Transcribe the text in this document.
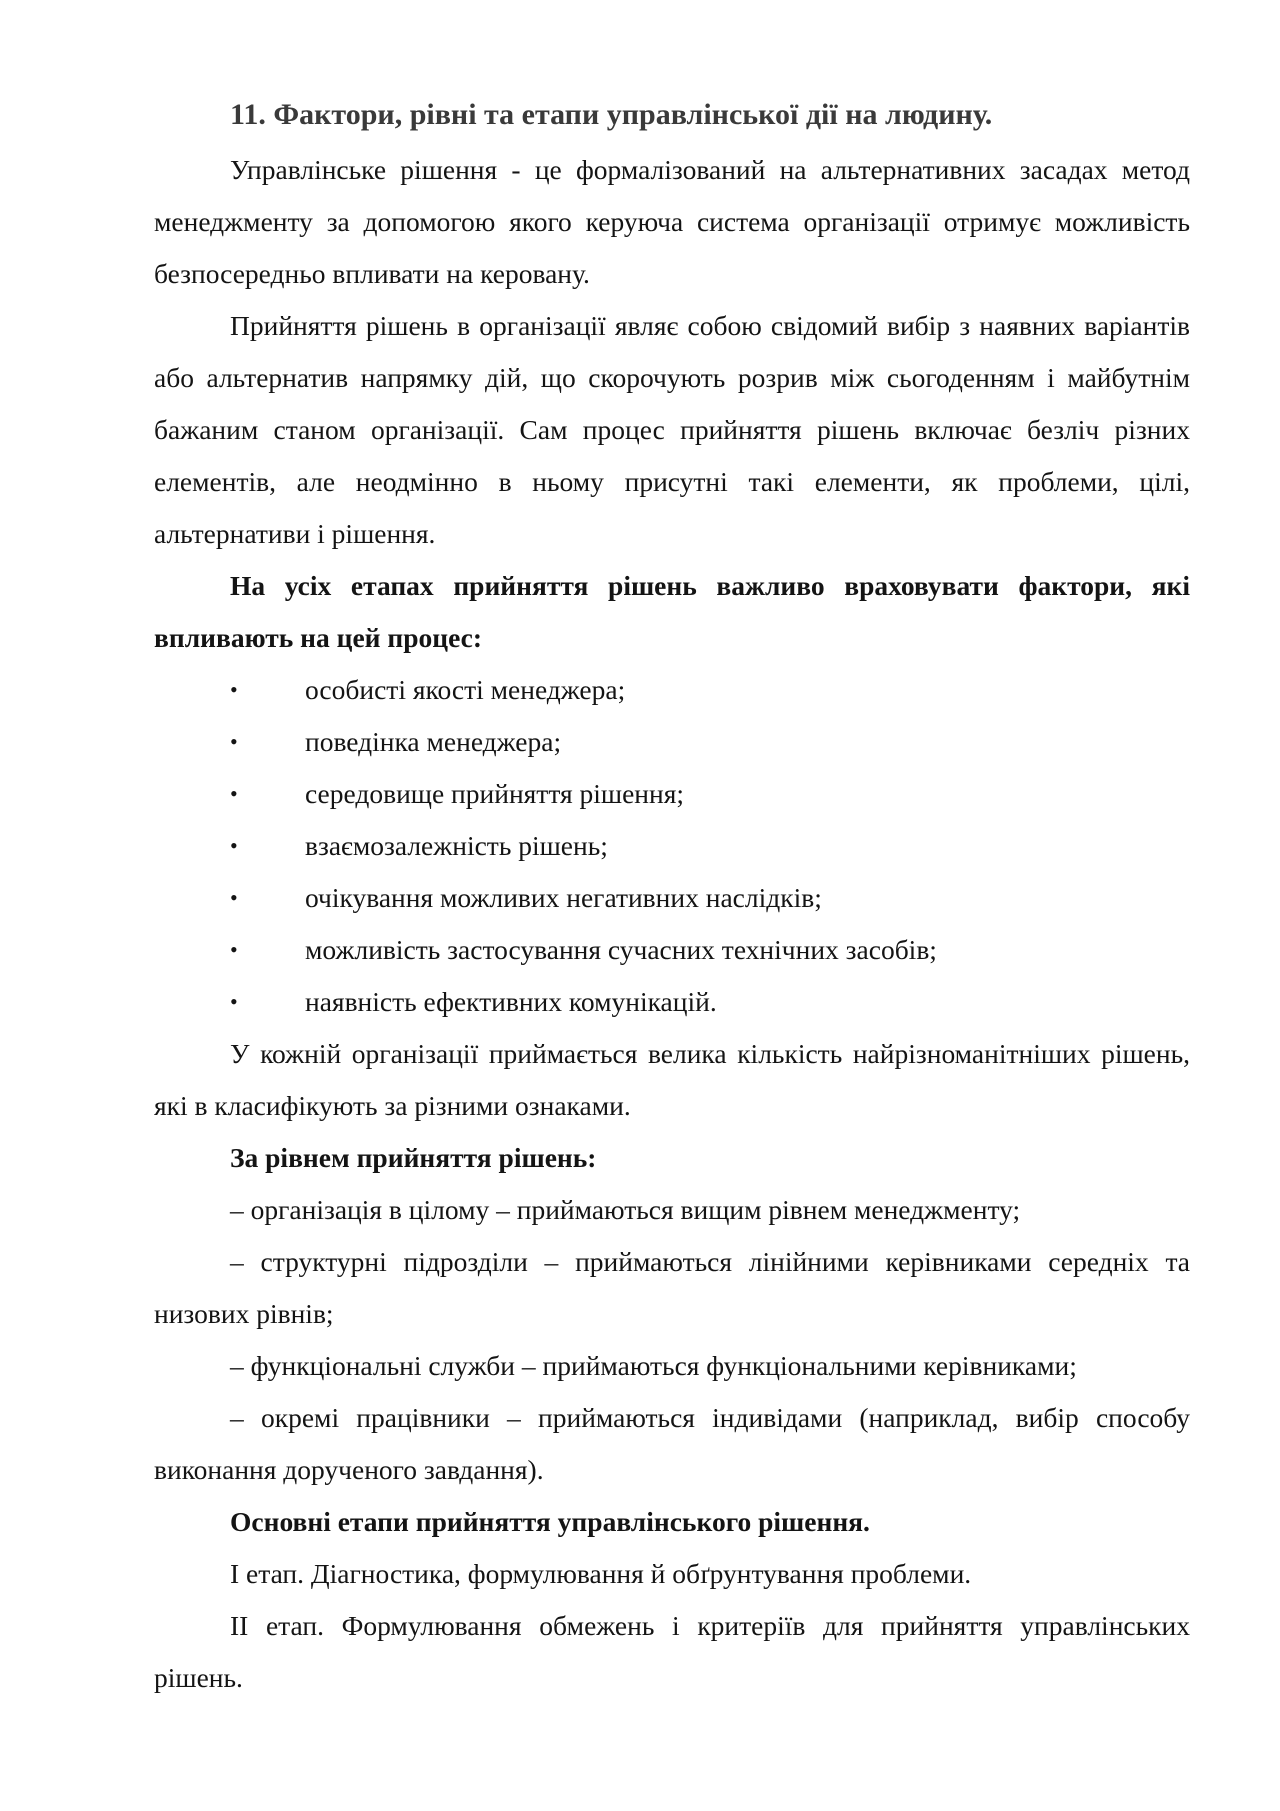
11. Фактори, рівні та етапи управлінської дії на людину.

Управлінське рішення - це формалізований на альтернативних засадах метод менеджменту за допомогою якого керуюча система організації отримує можливість безпосередньо впливати на керовану.

Прийняття рішень в організації являє собою свідомий вибір з наявних варіантів або альтернатив напрямку дій, що скорочують розрив між сьогоденням і майбутнім бажаним станом організації. Сам процес прийняття рішень включає безліч різних елементів, але неодмінно в ньому присутні такі елементи, як проблеми, цілі, альтернативи і рішення.

На усіх етапах прийняття рішень важливо враховувати фактори, які впливають на цей процес:

• особисті якості менеджера;
• поведінка менеджера;
• середовище прийняття рішення;
• взаємозалежність рішень;
• очікування можливих негативних наслідків;
• можливість застосування сучасних технічних засобів;
• наявність ефективних комунікацій.

У кожній організації приймається велика кількість найрізноманітніших рішень, які в класифікують за різними ознаками.

За рівнем прийняття рішень:

– організація в цілому – приймаються вищим рівнем менеджменту;

– структурні підрозділи – приймаються лінійними керівниками середніх та низових рівнів;

– функціональні служби – приймаються функціональними керівниками;

– окремі працівники – приймаються індивідами (наприклад, вибір способу виконання дорученого завдання).

Основні етапи прийняття управлінського рішення.

І етап. Діагностика, формулювання й обґрунтування проблеми.

ІІ етап. Формулювання обмежень і критеріїв для прийняття управлінських рішень.
